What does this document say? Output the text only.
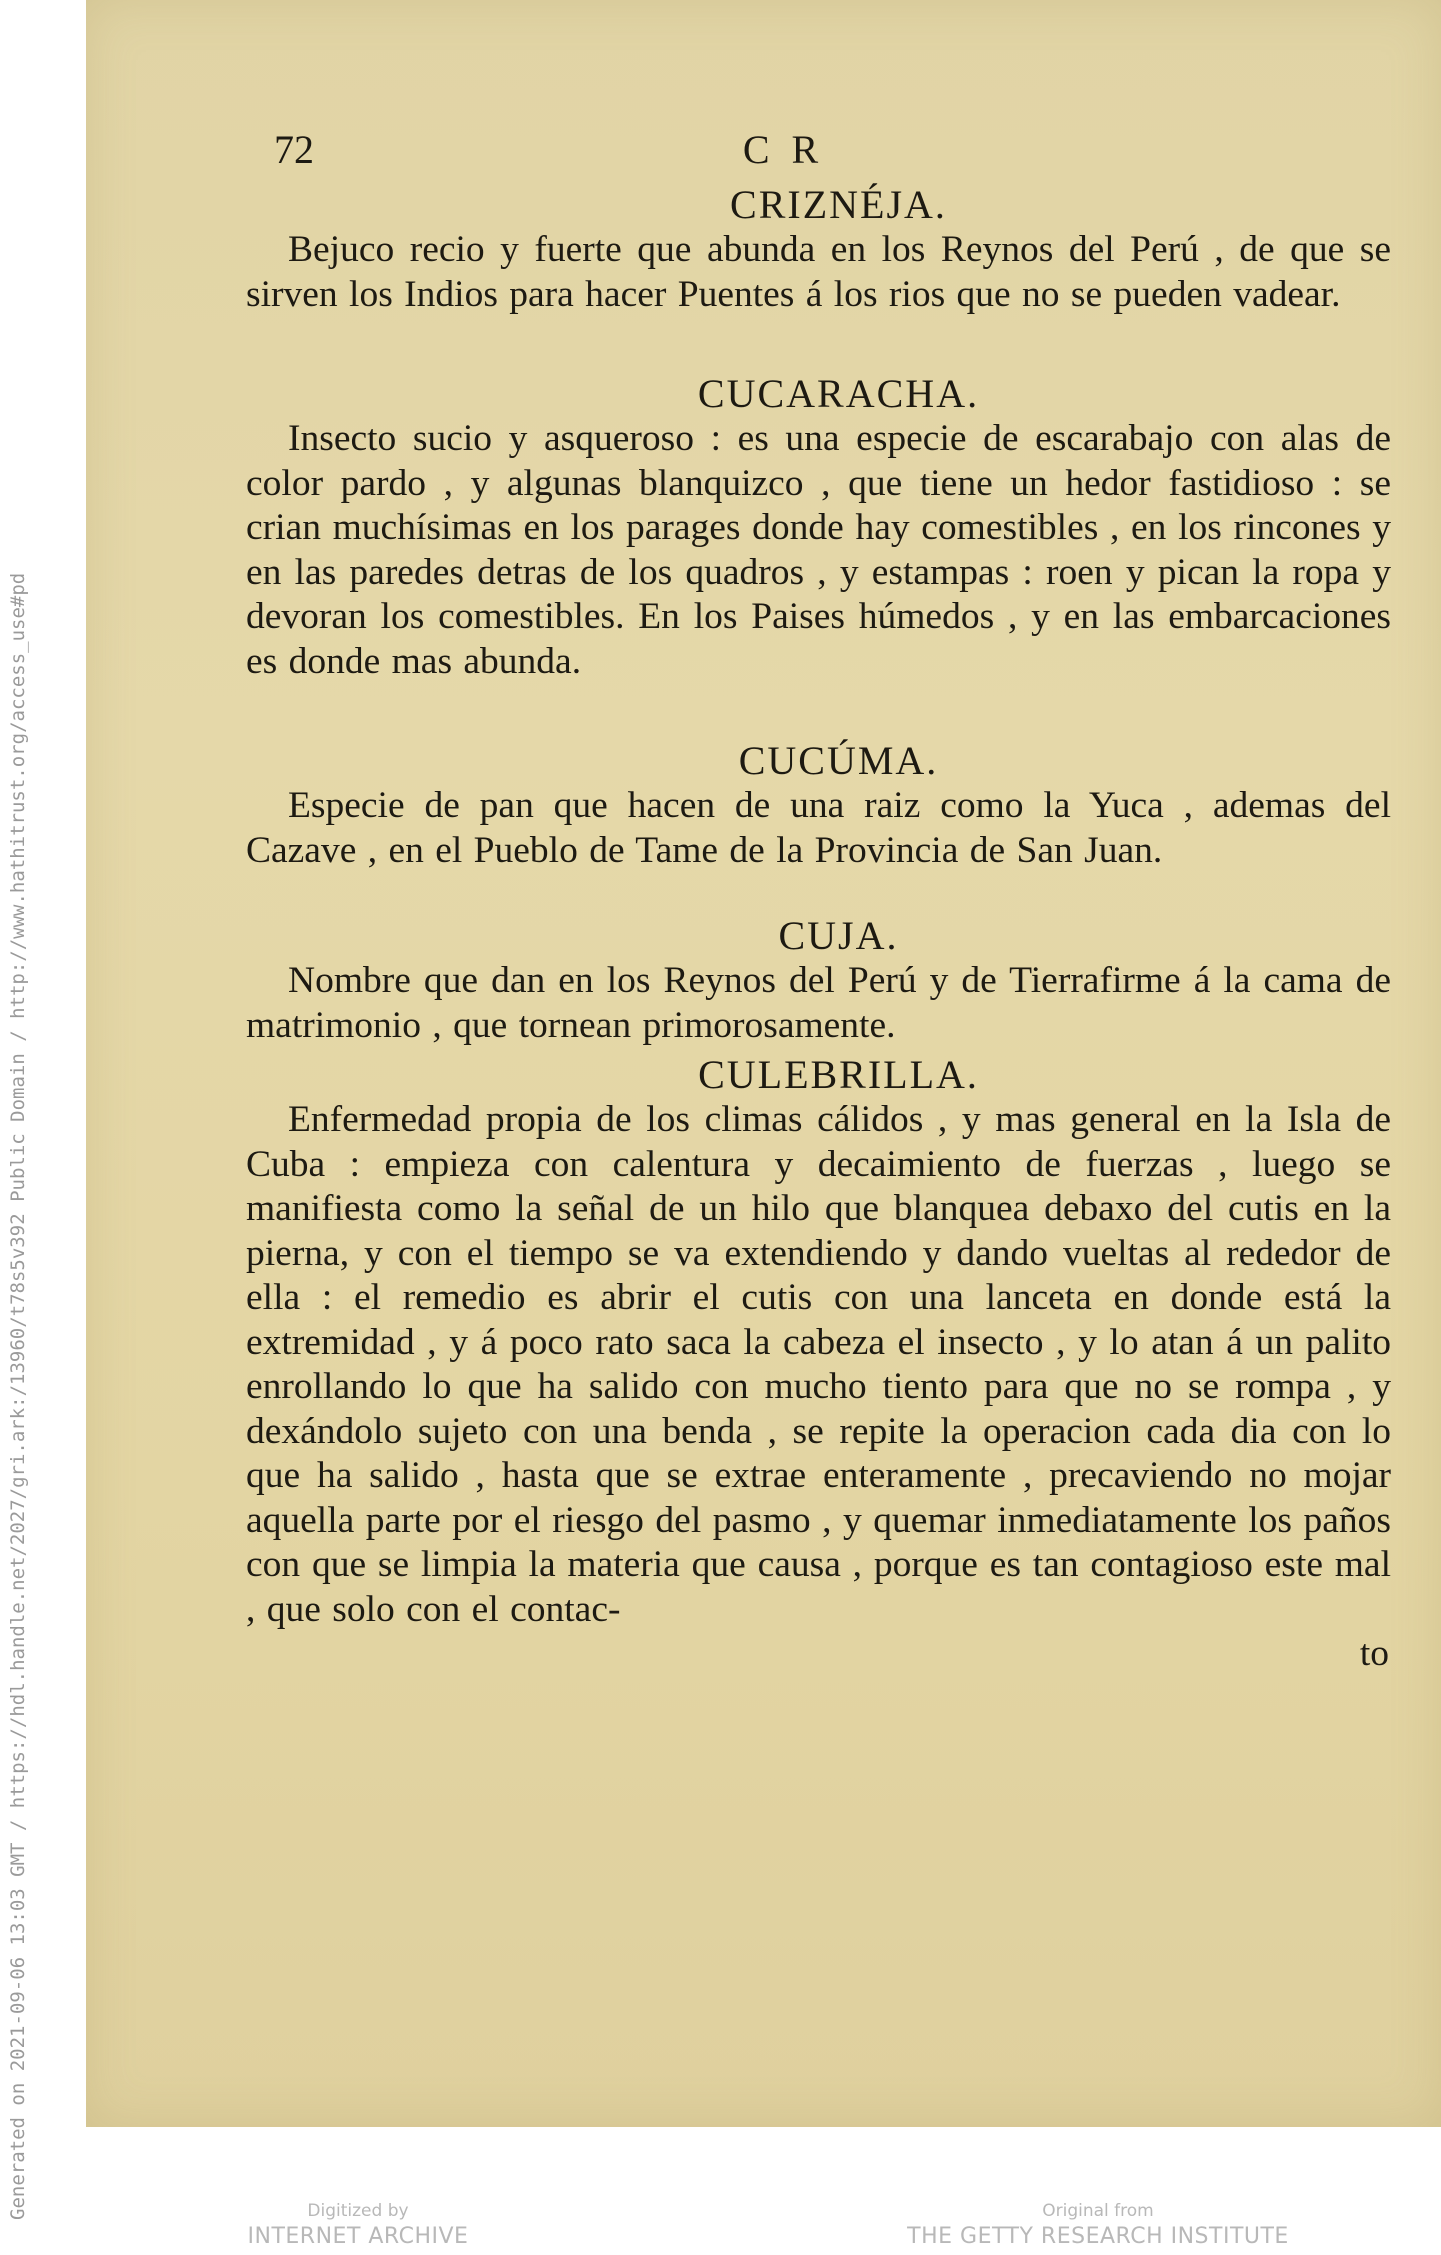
Generated on 2021-09-06 13:03 GMT / https://hdl.handle.net/2027/gri.ark:/13960/t78s5v392 Public Domain / http://www.hathitrust.org/access_use#pd
72	C R
CRIZNÉJA.

Bejuco recio y fuerte que abunda en los Reynos del Perú , de que se sirven los Indios para hacer Puentes á los rios que no se pueden vadear.

CUCARACHA.

Insecto sucio y asqueroso : es una especie de escarabajo con alas de color pardo , y algunas blanquizco , que tiene un hedor fastidioso : se crian muchísimas en los parages donde hay comestibles , en los rincones y en las paredes detras de los quadros , y estampas : roen y pican la ropa y devoran los comestibles. En los Paises húmedos , y en las embarcaciones es donde mas abunda.

CUCÚMA.

Especie de pan que hacen de una raiz como la Yuca , ademas del Cazave , en el Pueblo de Tame de la Provincia de San Juan.

CUJA.

Nombre que dan en los Reynos del Perú y de Tierrafirme á la cama de matrimonio , que tornean primorosamente.

CULEBRILLA.

Enfermedad propia de los climas cálidos , y mas general en la Isla de Cuba : empieza con calentura y decaimiento de fuerzas , luego se manifiesta como la señal de un hilo que blanquea debaxo del cutis en la pierna, y con el tiempo se va extendiendo y dando vueltas al rededor de ella : el remedio es abrir el cutis con una lanceta en donde está la extremidad , y á poco rato saca la cabeza el insecto , y lo atan á un palito enrollando lo que ha salido con mucho tiento para que no se rompa , y dexándolo sujeto con una benda , se repite la operacion cada dia con lo que ha salido , hasta que se extrae enteramente , precaviendo no mojar aquella parte por el riesgo del pasmo , y quemar inmediatamente los paños con que se limpia la materia que causa , porque es tan contagioso este mal , que solo con el contac-

to
Digitized by
INTERNET ARCHIVE
Original from
THE GETTY RESEARCH INSTITUTE
